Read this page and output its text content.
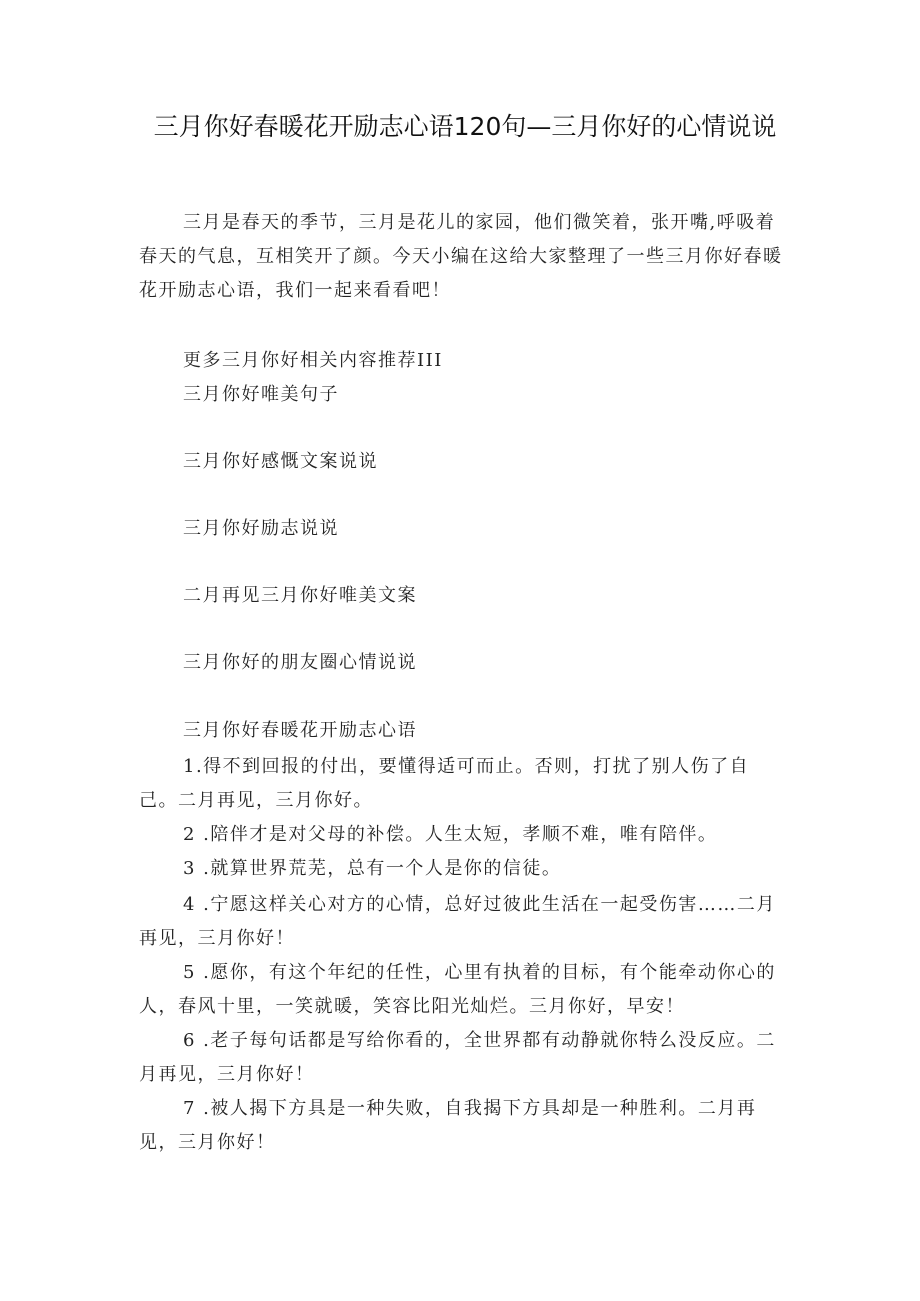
三月你好春暖花开励志心语120句—三月你好的心情说说
三月是春天的季节，三月是花儿的家园，他们微笑着，张开嘴,呼吸着春天的气息，互相笑开了颜。今天小编在这给大家整理了一些三月你好春暖花开励志心语，我们一起来看看吧！
更多三月你好相关内容推荐III
三月你好唯美句子
三月你好感慨文案说说
三月你好励志说说
二月再见三月你好唯美文案
三月你好的朋友圈心情说说
三月你好春暖花开励志心语
1.得不到回报的付出，要懂得适可而止。否则，打扰了别人伤了自己。二月再见，三月你好。
2 .陪伴才是对父母的补偿。人生太短，孝顺不难，唯有陪伴。
3 .就算世界荒芜，总有一个人是你的信徒。
4 .宁愿这样关心对方的心情，总好过彼此生活在一起受伤害……二月再见，三月你好！
5 .愿你，有这个年纪的任性，心里有执着的目标，有个能牵动你心的人，春风十里，一笑就暖，笑容比阳光灿烂。三月你好，早安！
6 .老子每句话都是写给你看的，全世界都有动静就你特么没反应。二月再见，三月你好！
7 .被人揭下方具是一种失败，自我揭下方具却是一种胜利。二月再见，三月你好！
